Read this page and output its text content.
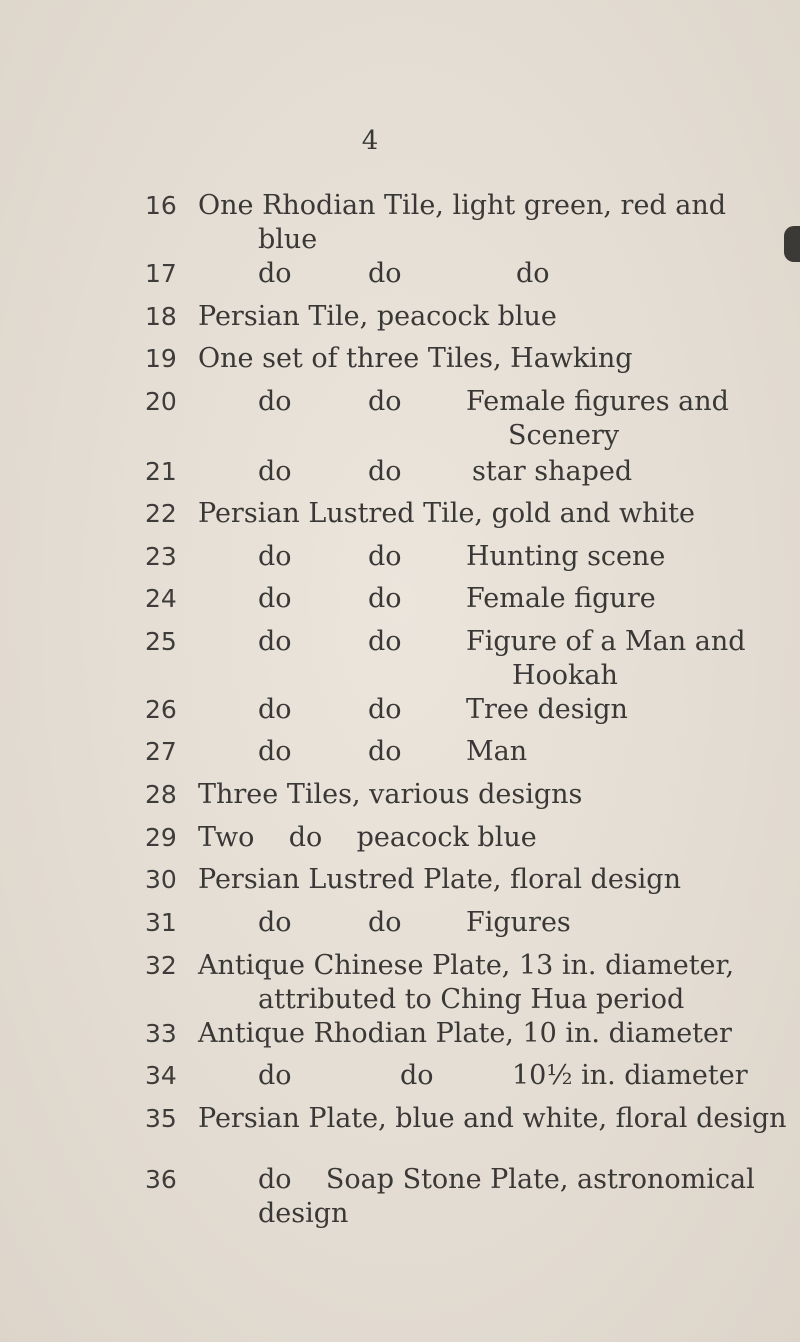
4
16 One Rhodian Tile, light green, red and
blue
17	do	do	do
18 Persian Tile, peacock blue
19 One set of three Tiles, Hawking
20	do	do Female figures and
Scenery
21	do	do	star shaped
22 Persian Lustred Tile, gold and white
23	do	do Hunting scene
24	do	do Female figure
25	do	do Figure of a Man and
Hookah
26	do	do Tree design
27	do	do Man
28 Three Tiles, various designs
29 Two    do    peacock blue
30 Persian Lustred Plate, floral design
31	do	do Figures
32 Antique Chinese Plate, 13 in. diameter,
attributed to Ching Hua period
33 Antique Rhodian Plate, 10 in. diameter
34	do	do	10½ in. diameter
35 Persian Plate, blue and white, floral design
36	do    Soap Stone Plate, astronomical
design
